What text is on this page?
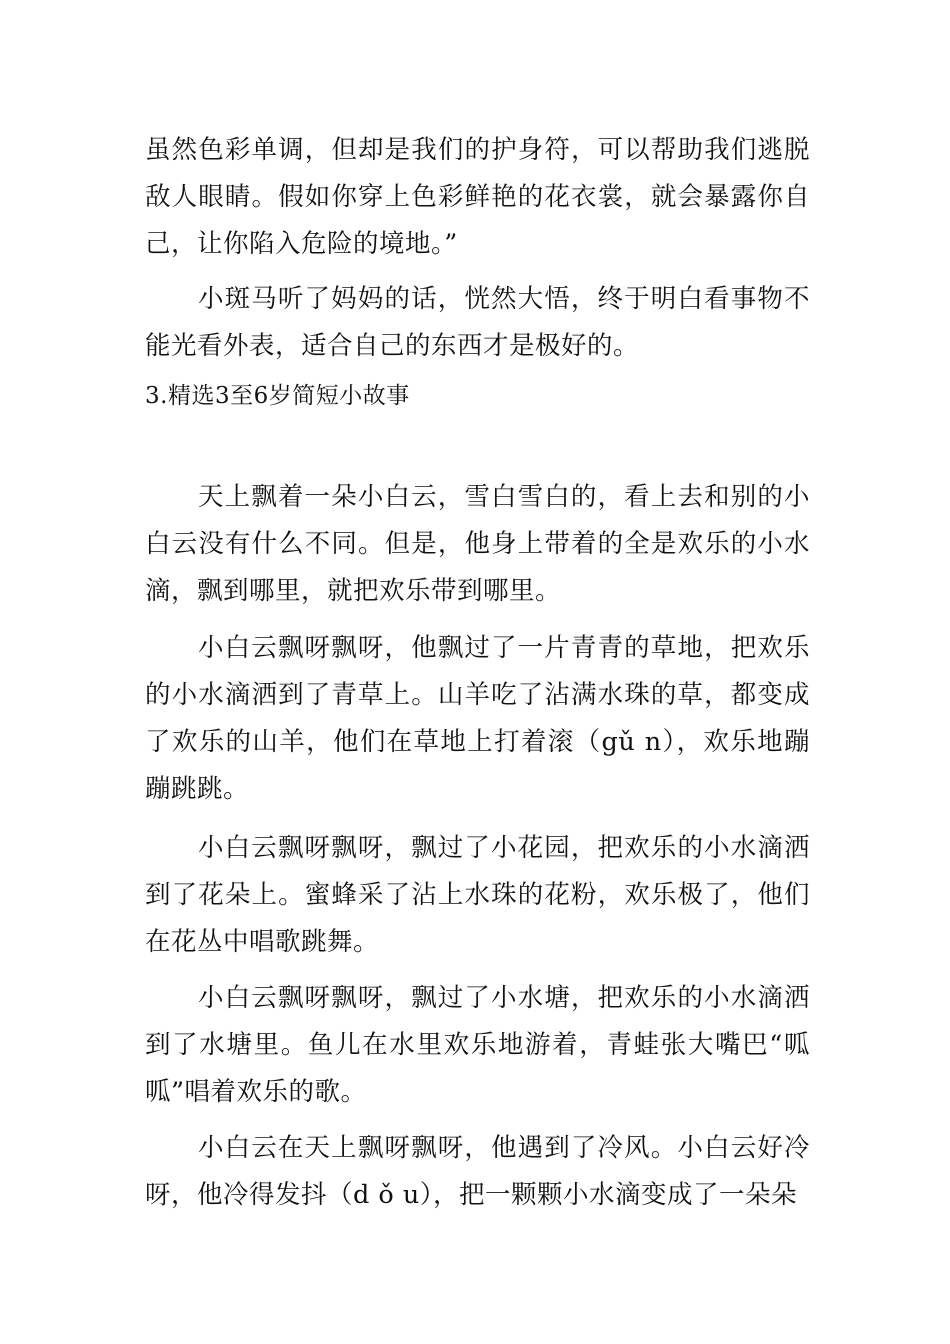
虽然色彩单调，但却是我们的护身符，可以帮助我们逃脱敌人眼睛。假如你穿上色彩鲜艳的花衣裳，就会暴露你自己，让你陷入危险的境地。”

小斑马听了妈妈的话，恍然大悟，终于明白看事物不能光看外表，适合自己的东西才是极好的。

3.精选3至6岁简短小故事

天上飘着一朵小白云，雪白雪白的，看上去和别的小白云没有什么不同。但是，他身上带着的全是欢乐的小水滴，飘到哪里，就把欢乐带到哪里。

小白云飘呀飘呀，他飘过了一片青青的草地，把欢乐的小水滴洒到了青草上。山羊吃了沾满水珠的草，都变成了欢乐的山羊，他们在草地上打着滚（gǔ n），欢乐地蹦蹦跳跳。

小白云飘呀飘呀，飘过了小花园，把欢乐的小水滴洒到了花朵上。蜜蜂采了沾上水珠的花粉，欢乐极了，他们在花丛中唱歌跳舞。

小白云飘呀飘呀，飘过了小水塘，把欢乐的小水滴洒到了水塘里。鱼儿在水里欢乐地游着，青蛙张大嘴巴“呱呱”唱着欢乐的歌。

小白云在天上飘呀飘呀，他遇到了冷风。小白云好冷呀，他冷得发抖（d ǒ u），把一颗颗小水滴变成了一朵朵
